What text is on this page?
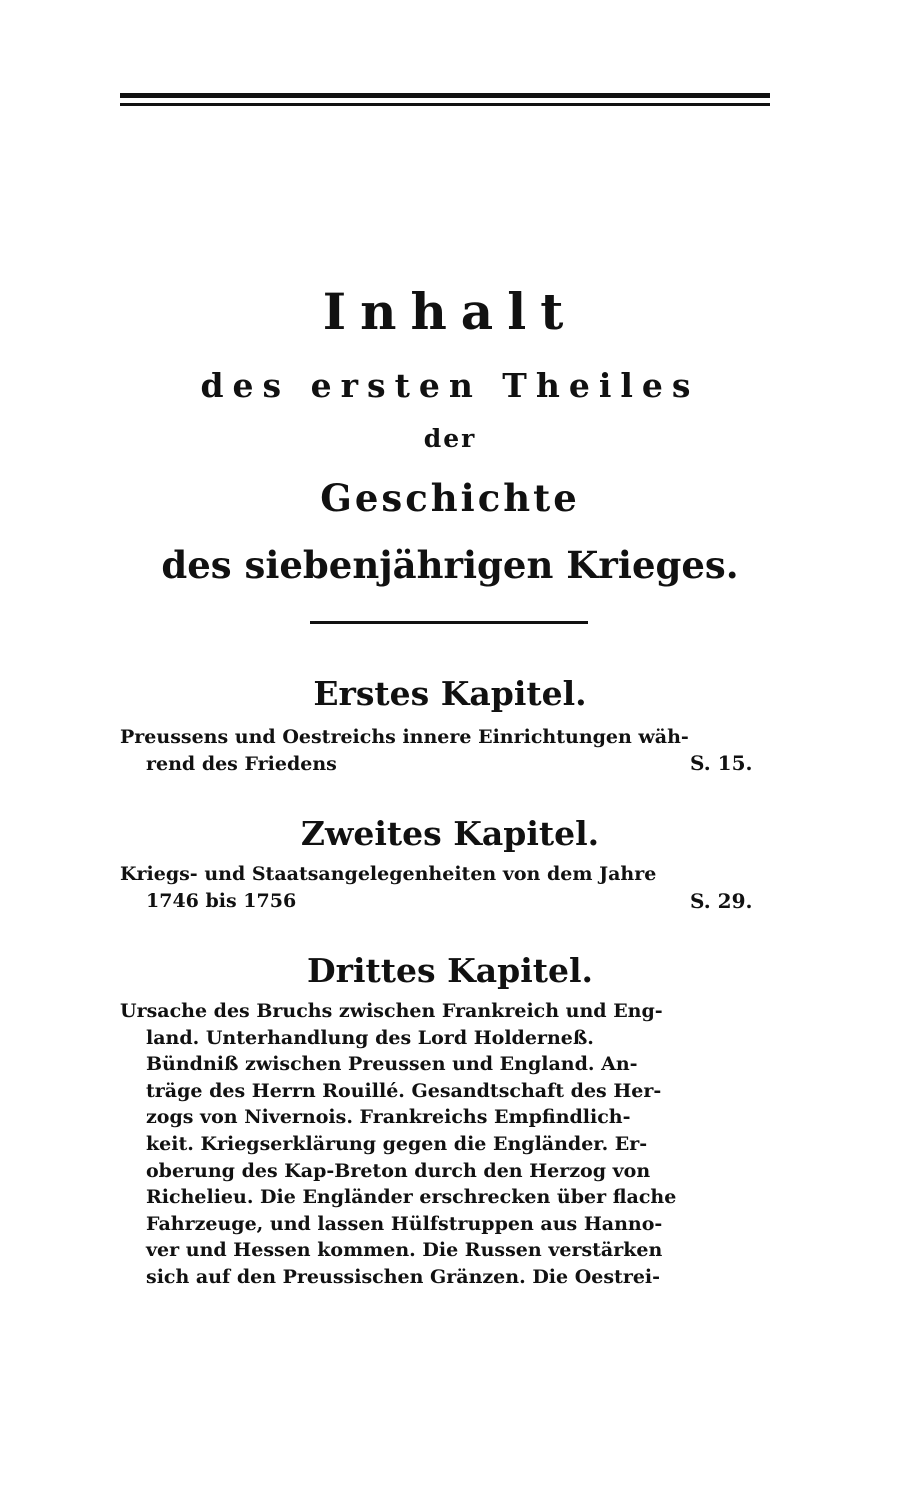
Inhalt
des ersten Theiles
der
Geschichte
des siebenjährigen Krieges.
Erstes Kapitel.
Preussens und Oestreichs innere Einrichtungen wäh-
rend des Friedens	S. 15.
Zweites Kapitel.
Kriegs- und Staatsangelegenheiten von dem Jahre
1746 bis 1756	S. 29.
Drittes Kapitel.
Ursache des Bruchs zwischen Frankreich und Eng-
land. Unterhandlung des Lord Holderneß.
Bündniß zwischen Preussen und England. An-
träge des Herrn Rouillé. Gesandtschaft des Her-
zogs von Nivernois. Frankreichs Empfindlich-
keit. Kriegserklärung gegen die Engländer. Er-
oberung des Kap-Breton durch den Herzog von
Richelieu. Die Engländer erschrecken über flache
Fahrzeuge, und lassen Hülfstruppen aus Hanno-
ver und Hessen kommen. Die Russen verstärken
sich auf den Preussischen Gränzen. Die Oestrei-
